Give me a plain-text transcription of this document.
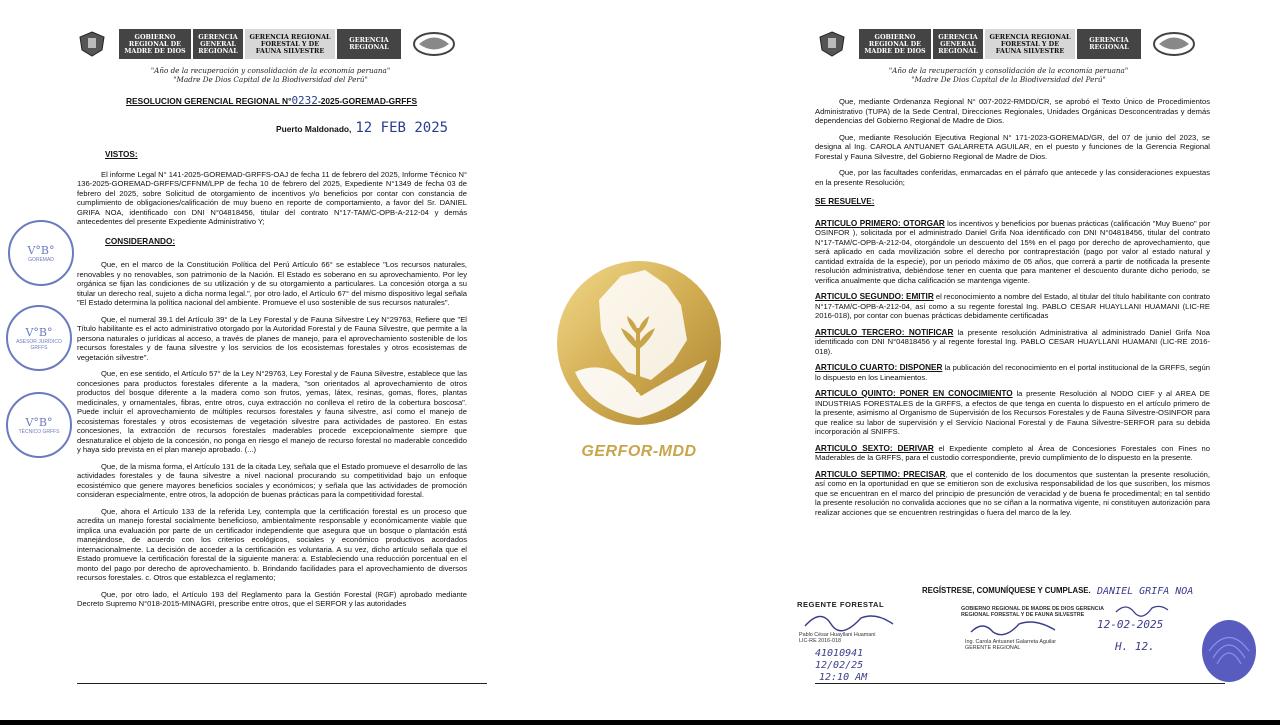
GOBIERNO REGIONAL DE MADRE DE DIOS
GERENCIA GENERAL REGIONAL
GERENCIA REGIONAL FORESTAL Y DE FAUNA SILVESTRE
GERENCIA REGIONAL
"Año de la recuperación y consolidación de la economía peruana"
"Madre De Dios Capital de la Biodiversidad del Perú"
RESOLUCION GERENCIAL REGIONAL N°0232-2025-GOREMAD-GRFFS
Puerto Maldonado, 12 FEB 2025
VISTOS:

El informe Legal N° 141-2025-GOREMAD-GRFFS-OAJ de fecha 11 de febrero del 2025, Informe Técnico N° 136-2025-GOREMAD-GRFFS/CFFNM/LPP de fecha 10 de febrero del 2025, Expediente N°1349 de fecha 03 de febrero del 2025, sobre Solicitud de otorgamiento de incentivos y/o beneficios por contar con constancia de cumplimiento de obligaciones/calificación de muy bueno en reporte de comportamiento, a favor del Sr. DANIEL GRIFA NOA, identificado con DNI N°04818456, titular del contrato N°17-TAM/C-OPB-A-212-04 y demás antecedentes del presente Expediente Administrativo Y;

CONSIDERANDO:

Que, en el marco de la Constitución Política del Perú Artículo 66° se establece "Los recursos naturales, renovables y no renovables, son patrimonio de la Nación. El Estado es soberano en su aprovechamiento. Por ley orgánica se fijan las condiciones de su utilización y de su otorgamiento a particulares. La concesión otorga a su titular un derecho real, sujeto a dicha norma legal.", por otro lado, el Artículo 67° del mismo dispositivo legal señala "El Estado determina la política nacional del ambiente. Promueve el uso sostenible de sus recursos naturales".

Que, el numeral 39.1 del Artículo 39° de la Ley Forestal y de Fauna Silvestre Ley N°29763, Refiere que "El Título habilitante es el acto administrativo otorgado por la Autoridad Forestal y de Fauna Silvestre, que permite a la persona naturales o jurídicas al acceso, a través de planes de manejo, para el aprovechamiento sostenible de los recursos forestales y de fauna silvestre y los servicios de los ecosistemas forestales y otros ecosistemas de vegetación silvestre".

Que, en ese sentido, el Artículo 57° de la Ley N°29763, Ley Forestal y de Fauna Silvestre, establece que las concesiones para productos forestales diferente a la madera, "son orientados al aprovechamiento de otros productos del bosque diferente a la madera como son frutos, yemas, látex, resinas, gomas, flores, plantas medicinales, y ornamentales, fibras, entre otros, cuya extracción no conlleva el retiro de la cobertura boscosa". Puede incluir el aprovechamiento de múltiples recursos forestales y fauna silvestre, así como el manejo de ecosistemas forestales y otros ecosistemas de vegetación silvestre para actividades de pastoreo. En estas concesiones, la extracción de recursos forestales maderables procede excepcionalmente siempre que desnaturalice el objeto de la concesión, no ponga en riesgo el manejo de recurso forestal no maderable concedido y haya sido prevista en el plan manejo aprobado. (...)

Que, de la misma forma, el Artículo 131 de la citada Ley, señala que el Estado promueve el desarrollo de las actividades forestales y de fauna silvestre a nivel nacional procurando su competitividad bajo un enfoque ecosistémico que genere mayores beneficios sociales y económicos; y señala que las actividades de promoción consideran especialmente, entre otros, la adopción de buenas prácticas para la competitividad forestal.

Que, ahora el Artículo 133 de la referida Ley, contempla que la certificación forestal es un proceso que acredita un manejo forestal socialmente beneficioso, ambientalmente responsable y económicamente viable que implica una evaluación por parte de un certificador independiente que asegura que un bosque o plantación está manejándose, de acuerdo con los criterios ecológicos, sociales y económico productivos acordados internacionalmente. La decisión de acceder a la certificación es voluntaria. A su vez, dicho artículo señala que el Estado promueve la certificación forestal de la siguiente manera: a. Estableciendo una reducción porcentual en el monto del pago por derecho de aprovechamiento. b. Brindando facilidades para el aprovechamiento de diversos recursos forestales. c. Otros que establezca el reglamento;

Que, por otro lado, el Artículo 193 del Reglamento para la Gestión Forestal (RGF) aprobado mediante Decreto Supremo N°018-2015-MINAGRI, prescribe entre otros, que el SERFOR y las autoridades

V°B°
GOREMAD
V°B°
ASESOR JURÍDICO GRFFS
V°B°
TÉCNICO GRFFS
GERFOR-MDD
GOBIERNO REGIONAL DE MADRE DE DIOS
GERENCIA GENERAL REGIONAL
GERENCIA REGIONAL FORESTAL Y DE FAUNA SILVESTRE
GERENCIA REGIONAL
"Año de la recuperación y consolidación de la economía peruana"
"Madre De Dios Capital de la Biodiversidad del Perú"

Que, mediante Ordenanza Regional N° 007-2022-RMDD/CR, se aprobó el Texto Único de Procedimientos Administrativo (TUPA) de la Sede Central, Direcciones Regionales, Unidades Orgánicas Desconcentradas y demás dependencias del Gobierno Regional de Madre de Dios.

Que, mediante Resolución Ejecutiva Regional N° 171-2023-GOREMAD/GR, del 07 de junio del 2023, se designa al Ing. CAROLA ANTUANET GALARRETA AGUILAR, en el puesto y funciones de la Gerencia Regional Forestal y Fauna Silvestre, del Gobierno Regional de Madre de Dios.

Que, por las facultades conferidas, enmarcadas en el párrafo que antecede y las consideraciones expuestas en la presente Resolución;

SE RESUELVE:

ARTICULO PRIMERO: OTORGAR los incentivos y beneficios por buenas prácticas (calificación "Muy Bueno" por OSINFOR ), solicitada por el administrado Daniel Grifa Noa identificado con DNI N°04818456, titular del contrato N°17-TAM/C-OPB-A-212-04, otorgándole un descuento del 15% en el pago por derecho de aprovechamiento, que será aplicado en cada movilización sobre el derecho por contraprestación (pago por valor al estado natural y cantidad extraída de la especie), por un periodo máximo de 05 años, que correrá a partir de notificada la presente resolución administrativa, debiéndose tener en cuenta que para mantener el descuento durante dicho periodo, se verifica anualmente que dicha calificación se mantenga vigente.

ARTICULO SEGUNDO: EMITIR el reconocimiento a nombre del Estado, al titular del título habilitante con contrato N°17-TAM/C-OPB-A-212-04, así como a su regente forestal Ing. PABLO CESAR HUAYLLANI HUAMANI (LIC-RE 2016-018), por contar con buenas prácticas debidamente certificadas

ARTICULO TERCERO: NOTIFICAR la presente resolución Administrativa al administrado Daniel Grifa Noa identificado con DNI N°04818456 y al regente forestal Ing. PABLO CESAR HUAYLLANI HUAMANI (LIC-RE 2016-018).

ARTICULO CUARTO: DISPONER la publicación del reconocimiento en el portal institucional de la GRFFS, según lo dispuesto en los Lineamientos.

ARTICULO QUINTO: PONER EN CONOCIMIENTO la presente Resolución al NODO CIEF y al AREA DE INDUSTRIAS FORESTALES de la GRFFS, a efectos de que tenga en cuenta lo dispuesto en el artículo primero de la presente, asimismo al Organismo de Supervisión de los Recursos Forestales y de Fauna Silvestre-OSINFOR para que realice su labor de supervisión y el Servicio Nacional Forestal y de Fauna Silvestre-SERFOR para su debida incorporación al SNIFFS.

ARTICULO SEXTO: DERIVAR el Expediente completo al Área de Concesiones Forestales con Fines no Maderables de la GRFFS, para el custodio correspondiente, previo cumplimiento de lo dispuesto en la presente.

ARTICULO SEPTIMO: PRECISAR, que el contenido de los documentos que sustentan la presente resolución, así como en la oportunidad en que se emitieron son de exclusiva responsabilidad de los que suscriben, los mismos que se encuentran en el marco del principio de presunción de veracidad y de buena fe procedimental; en tal sentido la presente resolución no convalida acciones que no se ciñan a la normativa vigente, ni constituyen autorización para realizar acciones que se encuentren restringidas o fuera del marco de la ley.

REGÍSTRESE, COMUNÍQUESE Y CUMPLASE.
REGENTE FORESTAL
Pablo César Huayllani Huamani
LIC-RE 2016-018
41010941
12/02/25
12:10 AM
GOBIERNO REGIONAL DE MADRE DE DIOS GERENCIA REGIONAL FORESTAL Y DE FAUNA SILVESTRE
Ing. Carola Antuanet Galarreta Aguilar
GERENTE REGIONAL
DANIEL GRIFA NOA
12-02-2025
H. 12.
